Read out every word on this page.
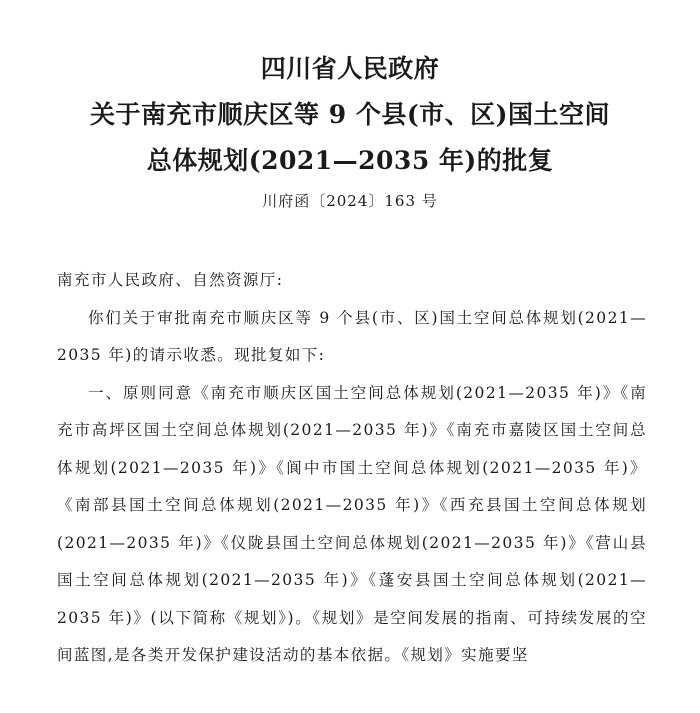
四川省人民政府
关于南充市顺庆区等 9 个县(市、区)国土空间
总体规划(2021—2035 年)的批复
川府函〔2024〕163 号

南充市人民政府、自然资源厅:

你们关于审批南充市顺庆区等 9 个县(市、区)国土空间总体规划(2021—2035 年)的请示收悉。现批复如下:

一、原则同意《南充市顺庆区国土空间总体规划(2021—2035 年)》《南充市高坪区国土空间总体规划(2021—2035 年)》《南充市嘉陵区国土空间总体规划(2021—2035 年)》《阆中市国土空间总体规划(2021—2035 年)》《南部县国土空间总体规划(2021—2035 年)》《西充县国土空间总体规划(2021—2035 年)》《仪陇县国土空间总体规划(2021—2035 年)》《营山县国土空间总体规划(2021—2035 年)》《蓬安县国土空间总体规划(2021—2035 年)》(以下简称《规划》)。《规划》是空间发展的指南、可持续发展的空间蓝图,是各类开发保护建设活动的基本依据。《规划》实施要坚
